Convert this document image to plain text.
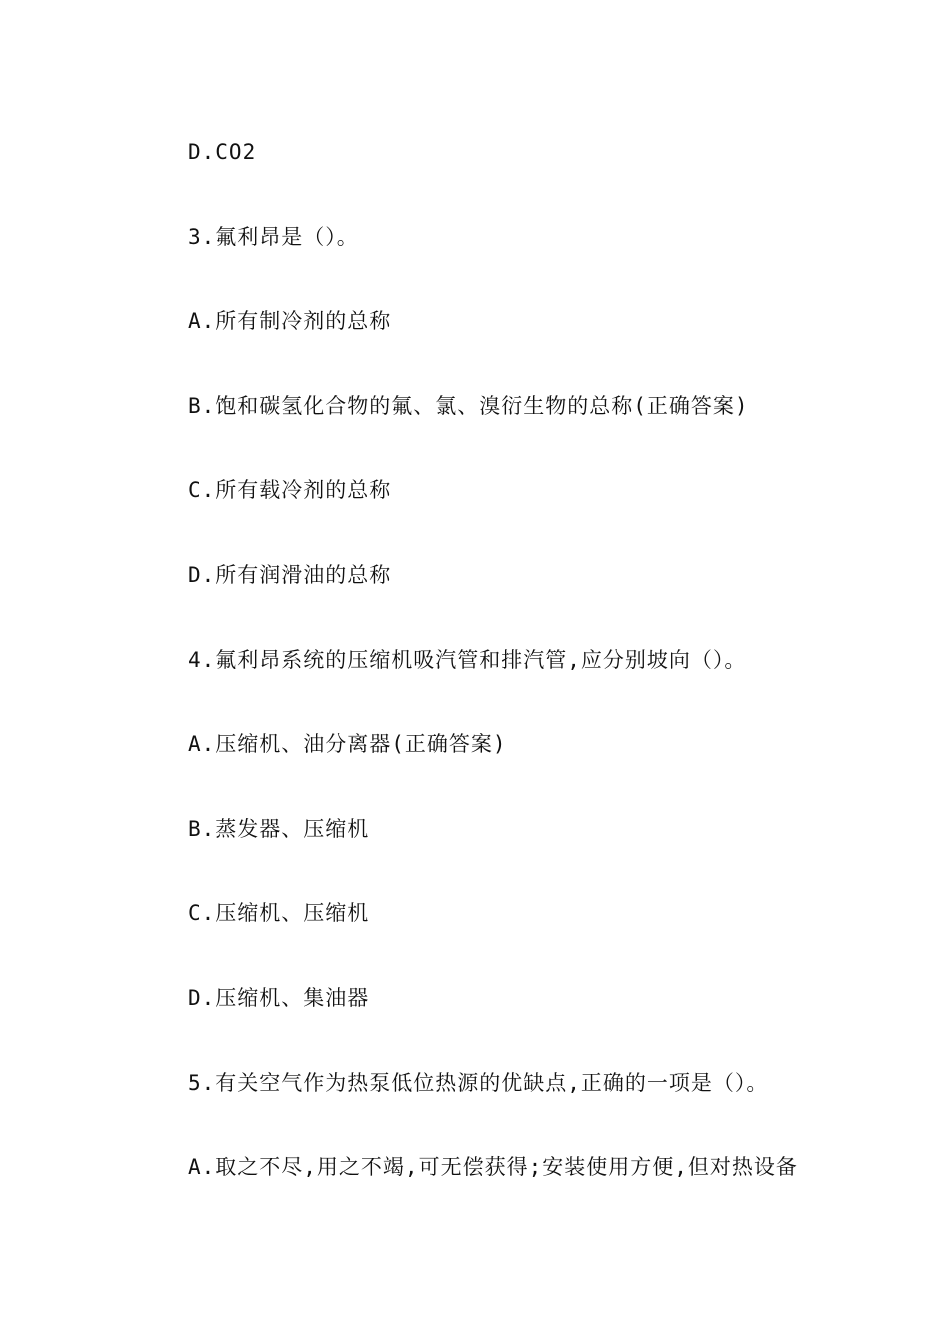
D.CO2
3.氟利昂是（）。
A.所有制冷剂的总称
B.饱和碳氢化合物的氟、氯、溴衍生物的总称(正确答案)
C.所有载冷剂的总称
D.所有润滑油的总称
4.氟利昂系统的压缩机吸汽管和排汽管,应分别坡向（）。
A.压缩机、油分离器(正确答案)
B.蒸发器、压缩机
C.压缩机、压缩机
D.压缩机、集油器
5.有关空气作为热泵低位热源的优缺点,正确的一项是（）。
A.取之不尽,用之不竭,可无偿获得;安装使用方便,但对热设备
